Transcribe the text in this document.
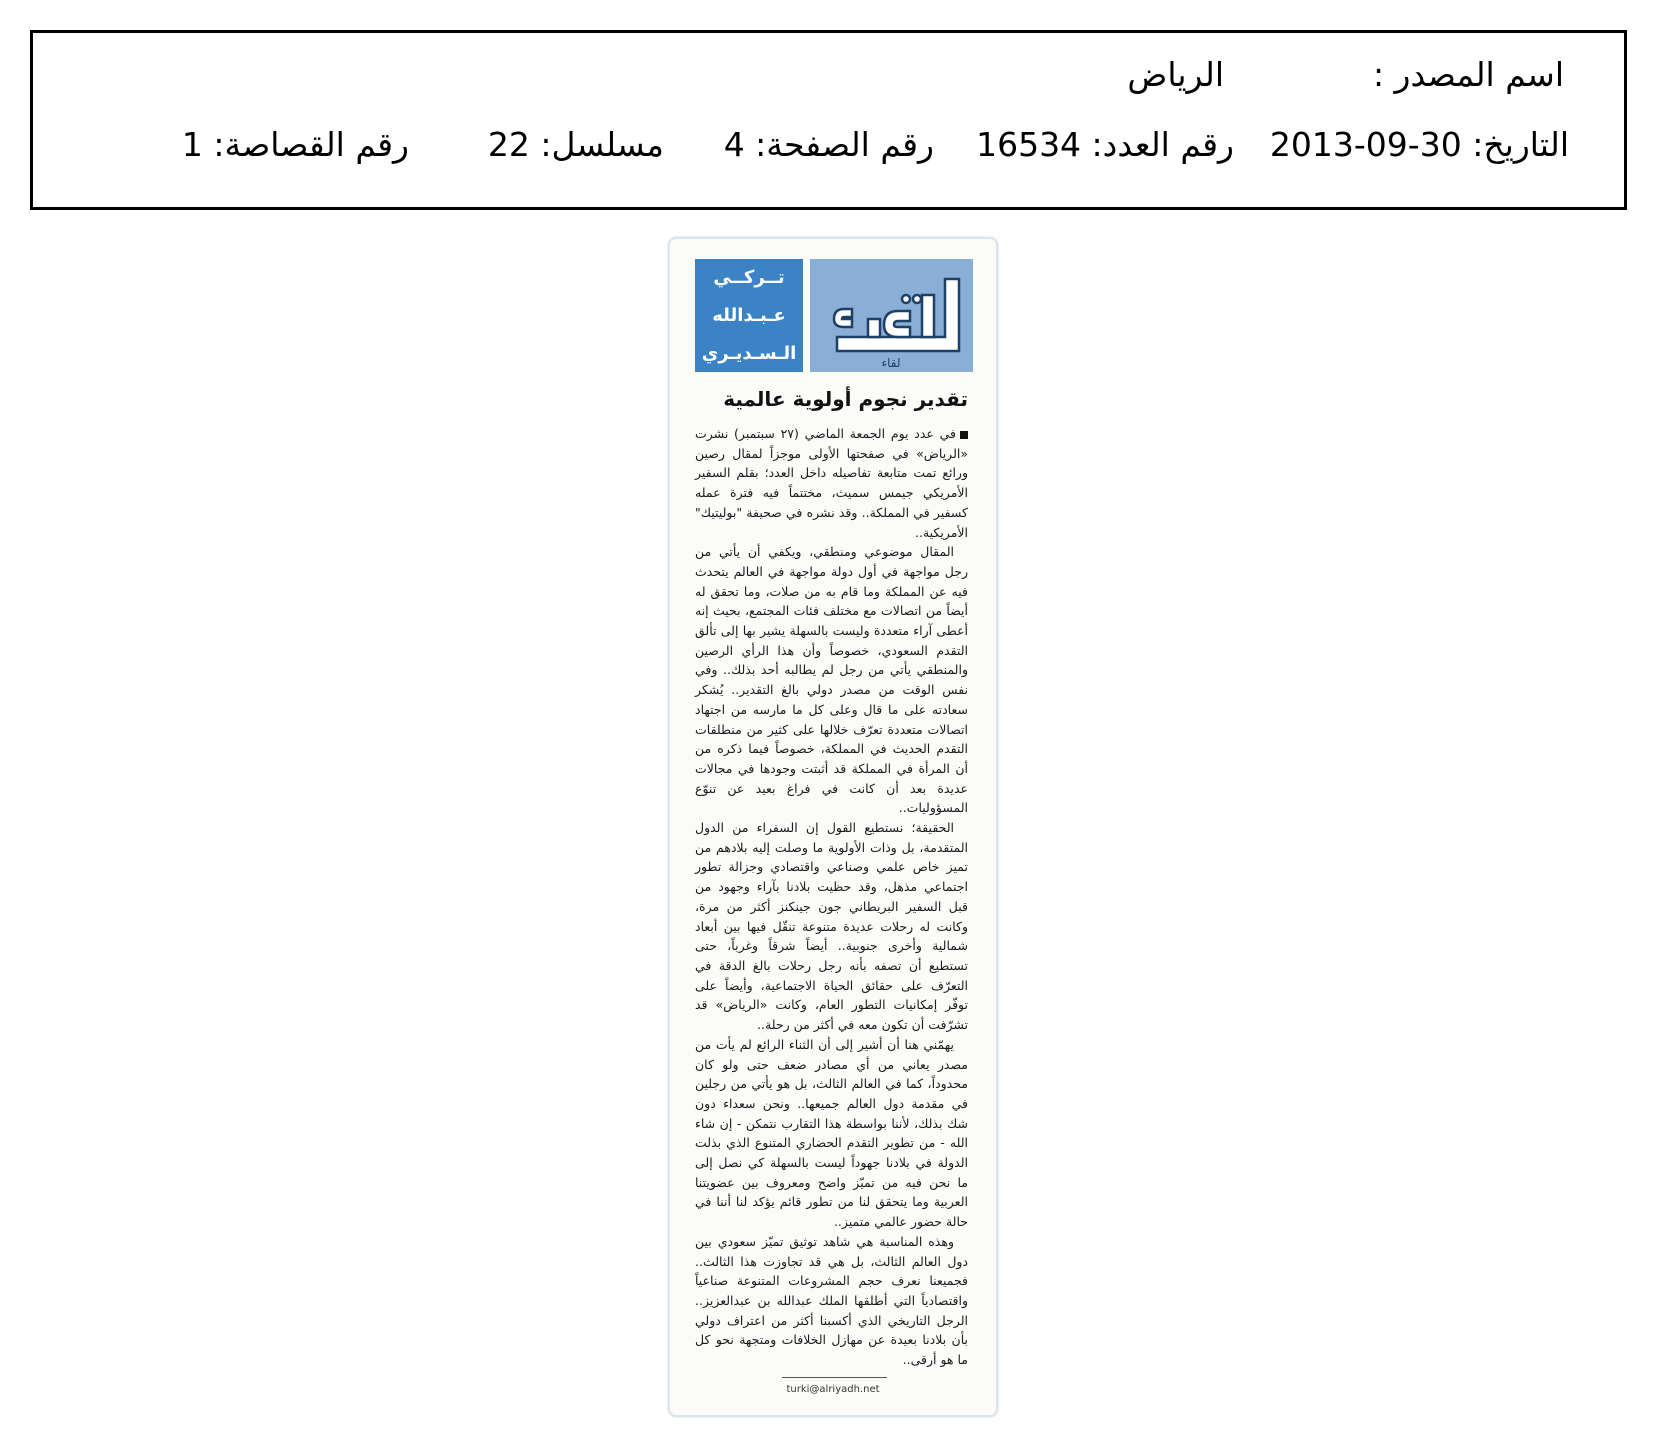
اسم المصدر :
الرياض
التاريخ: 30-09-2013
رقم العدد: 16534
رقم الصفحة: 4
مسلسل: 22
رقم القصاصة: 1
لقاء
تــركــي
عـبـدالله
الـسـديـري
تقدير نجوم أولوية عالمية

في عدد يوم الجمعة الماضي (٢٧ سبتمبر) نشرت «الرياض» في صفحتها الأولى موجزاً لمقال رصين ورائع تمت متابعة تفاصيله داخل العدد؛ بقلم السفير الأمريكي جيمس سميث، مختتماً فيه فترة عمله كسفير في المملكة.. وقد نشره في صحيفة "بوليتيك" الأمريكية..

المقال موضوعي ومنطقي، ويكفي أن يأتي من رجل مواجهة في أول دولة مواجهة في العالم يتحدث فيه عن المملكة وما قام به من صلات، وما تحقق له أيضاً من اتصالات مع مختلف فئات المجتمع، بحيث إنه أعطى آراء متعددة وليست بالسهلة يشير بها إلى تألق التقدم السعودي، خصوصاً وأن هذا الرأي الرصين والمنطقي يأتي من رجل لم يطالبه أحد بذلك.. وفي نفس الوقت من مصدر دولي بالغ التقدير.. يُشكر سعادته على ما قال وعلى كل ما مارسه من اجتهاد اتصالات متعددة تعرّف خلالها على كثير من منطلقات التقدم الحديث في المملكة، خصوصاً فيما ذكره من أن المرأة في المملكة قد أثبتت وجودها في مجالات عديدة بعد أن كانت في فراغ بعيد عن تنوّع المسؤوليات..

الحقيقة؛ نستطيع القول إن السفراء من الدول المتقدمة، بل وذات الأولوية ما وصلت إليه بلادهم من تميز خاص علمي وصناعي واقتصادي وجزالة تطور اجتماعي مذهل، وقد حظيت بلادنا بآراء وجهود من قبل السفير البريطاني جون جينكنز أكثر من مرة، وكانت له رحلات عديدة متنوعة تنقّل فيها بين أبعاد شمالية وأخرى جنوبية.. أيضاً شرقاً وغرباً، حتى تستطيع أن تصفه بأنه رجل رحلات بالغ الدقة في التعرّف على حقائق الحياة الاجتماعية، وأيضاً على توفّر إمكانيات التطور العام، وكانت «الرياض» قد تشرّفت أن تكون معه في أكثر من رحلة..

يهمّني هنا أن أشير إلى أن الثناء الرائع لم يأت من مصدر يعاني من أي مصادر ضعف حتى ولو كان محدوداً، كما في العالم الثالث، بل هو يأتي من رجلين في مقدمة دول العالم جميعها.. ونحن سعداء دون شك بذلك، لأننا بواسطة هذا التقارب نتمكن - إن شاء الله - من تطوير التقدم الحضاري المتنوع الذي بذلت الدولة في بلادنا جهوداً ليست بالسهلة كي نصل إلى ما نحن فيه من تميّز واضح ومعروف بين عضويتنا العربية وما يتحقق لنا من تطور قائم يؤكد لنا أننا في حالة حضور عالمي متميز..

وهذه المناسبة هي شاهد توثيق تميّز سعودي بين دول العالم الثالث، بل هي قد تجاوزت هذا الثالث.. فجميعنا نعرف حجم المشروعات المتنوعة صناعياً واقتصادياً التي أطلقها الملك عبدالله بن عبدالعزيز.. الرجل التاريخي الذي أكسبنا أكثر من اعتراف دولي بأن بلادنا بعيدة عن مهازل الخلافات ومتجهة نحو كل ما هو أرقى..

turki@alriyadh.net
